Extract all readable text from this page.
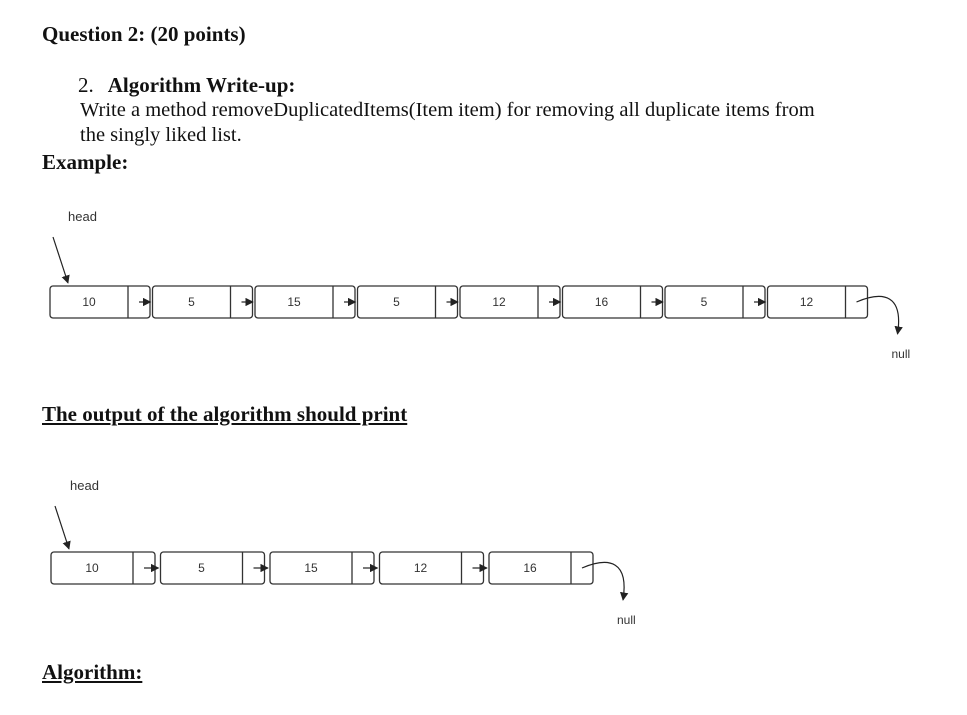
Question 2: (20 points)
2. Algorithm Write-up:
Write a method removeDuplicatedItems(Item item) for removing all duplicate items from
the singly liked list.
Example:
head
10	5	15	5	12	16	5	12
null
head
10	5	15	12	16
null
The output of the algorithm should print
Algorithm:
